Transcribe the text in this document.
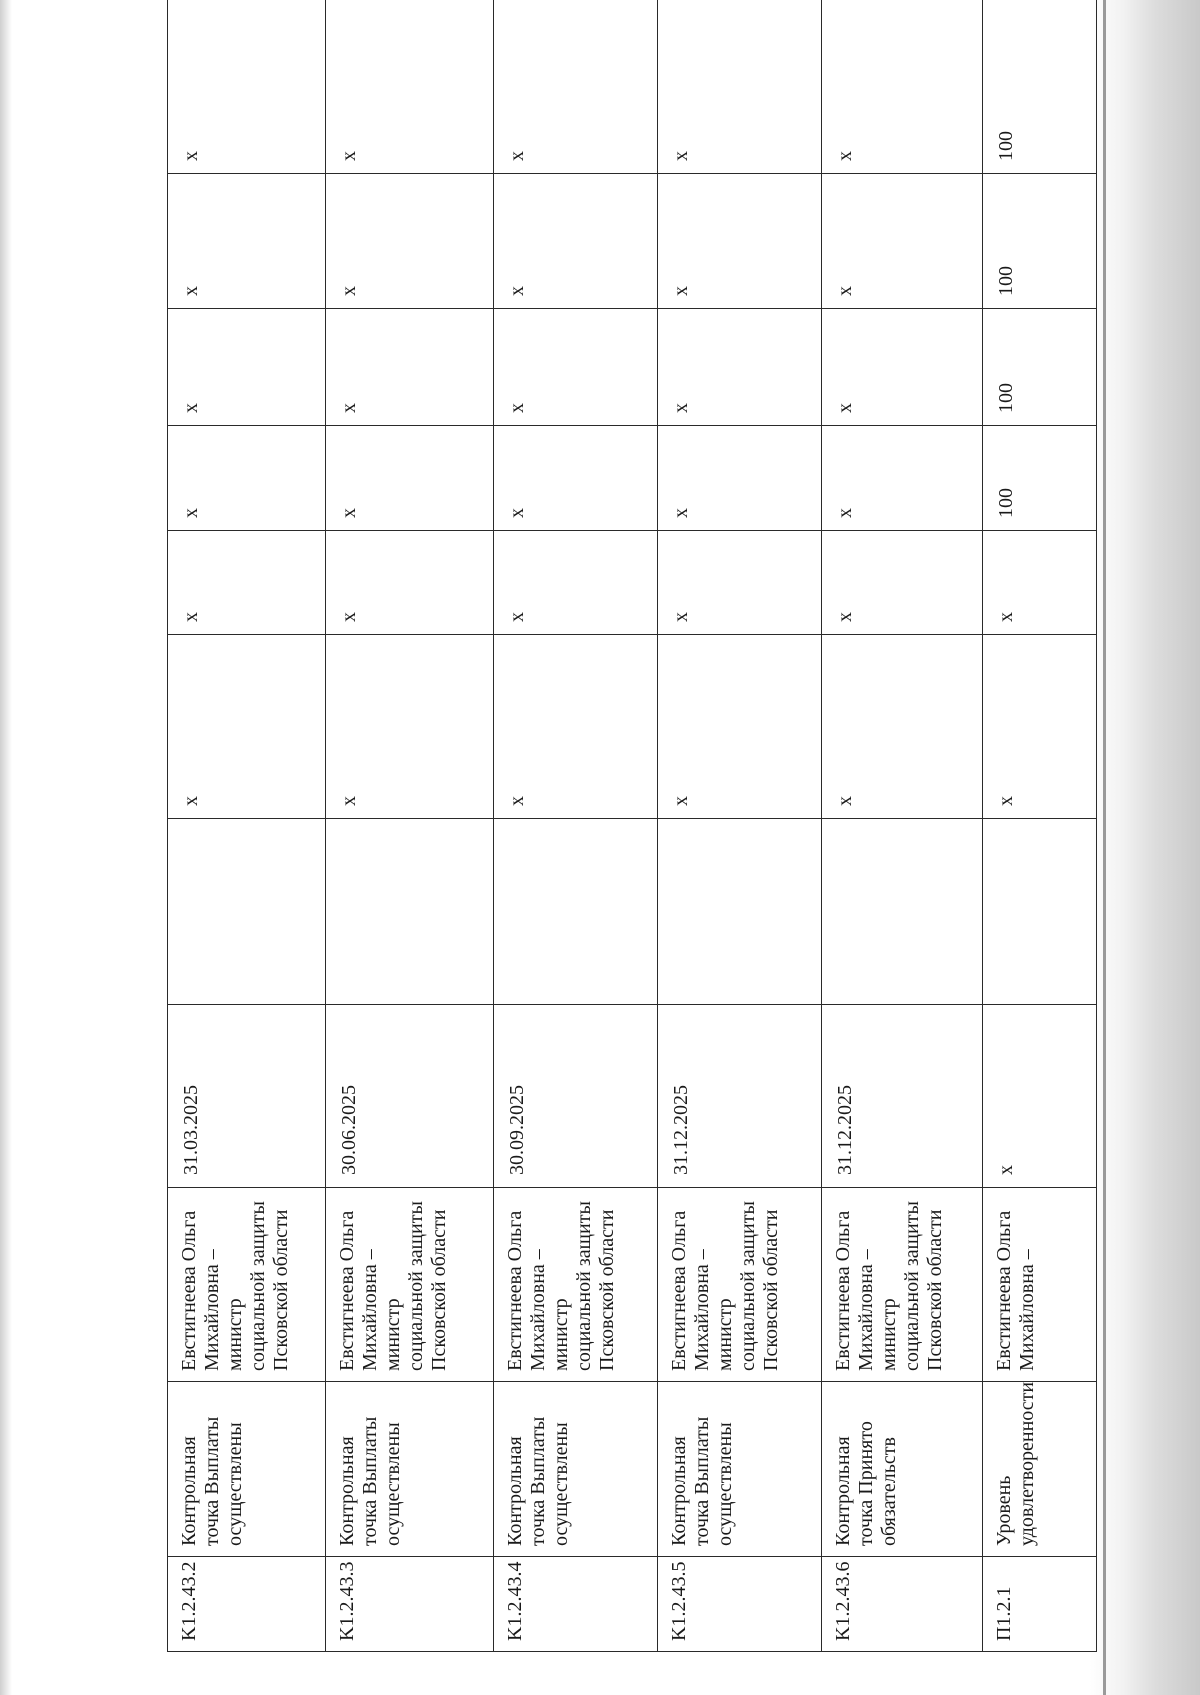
K1.2.43.2
Контрольная точка Выплаты осуществлены
Евстигнеева Ольга Михайловна – министр социальной защиты Псковской области
31.03.2025
x
x
x
x
x
x
K1.2.43.3
Контрольная точка Выплаты осуществлены
Евстигнеева Ольга Михайловна – министр социальной защиты Псковской области
30.06.2025
x
x
x
x
x
x
K1.2.43.4
Контрольная точка Выплаты осуществлены
Евстигнеева Ольга Михайловна – министр социальной защиты Псковской области
30.09.2025
x
x
x
x
x
x
K1.2.43.5
Контрольная точка Выплаты осуществлены
Евстигнеева Ольга Михайловна – министр социальной защиты Псковской области
31.12.2025
x
x
x
x
x
x
K1.2.43.6
Контрольная точка Принято обязательств
Евстигнеева Ольга Михайловна – министр социальной защиты Псковской области
31.12.2025
x
x
x
x
x
x
П1.2.1
Уровень удовлетворенности
Евстигнеева Ольга Михайловна –
x
x
x
100
100
100
100
